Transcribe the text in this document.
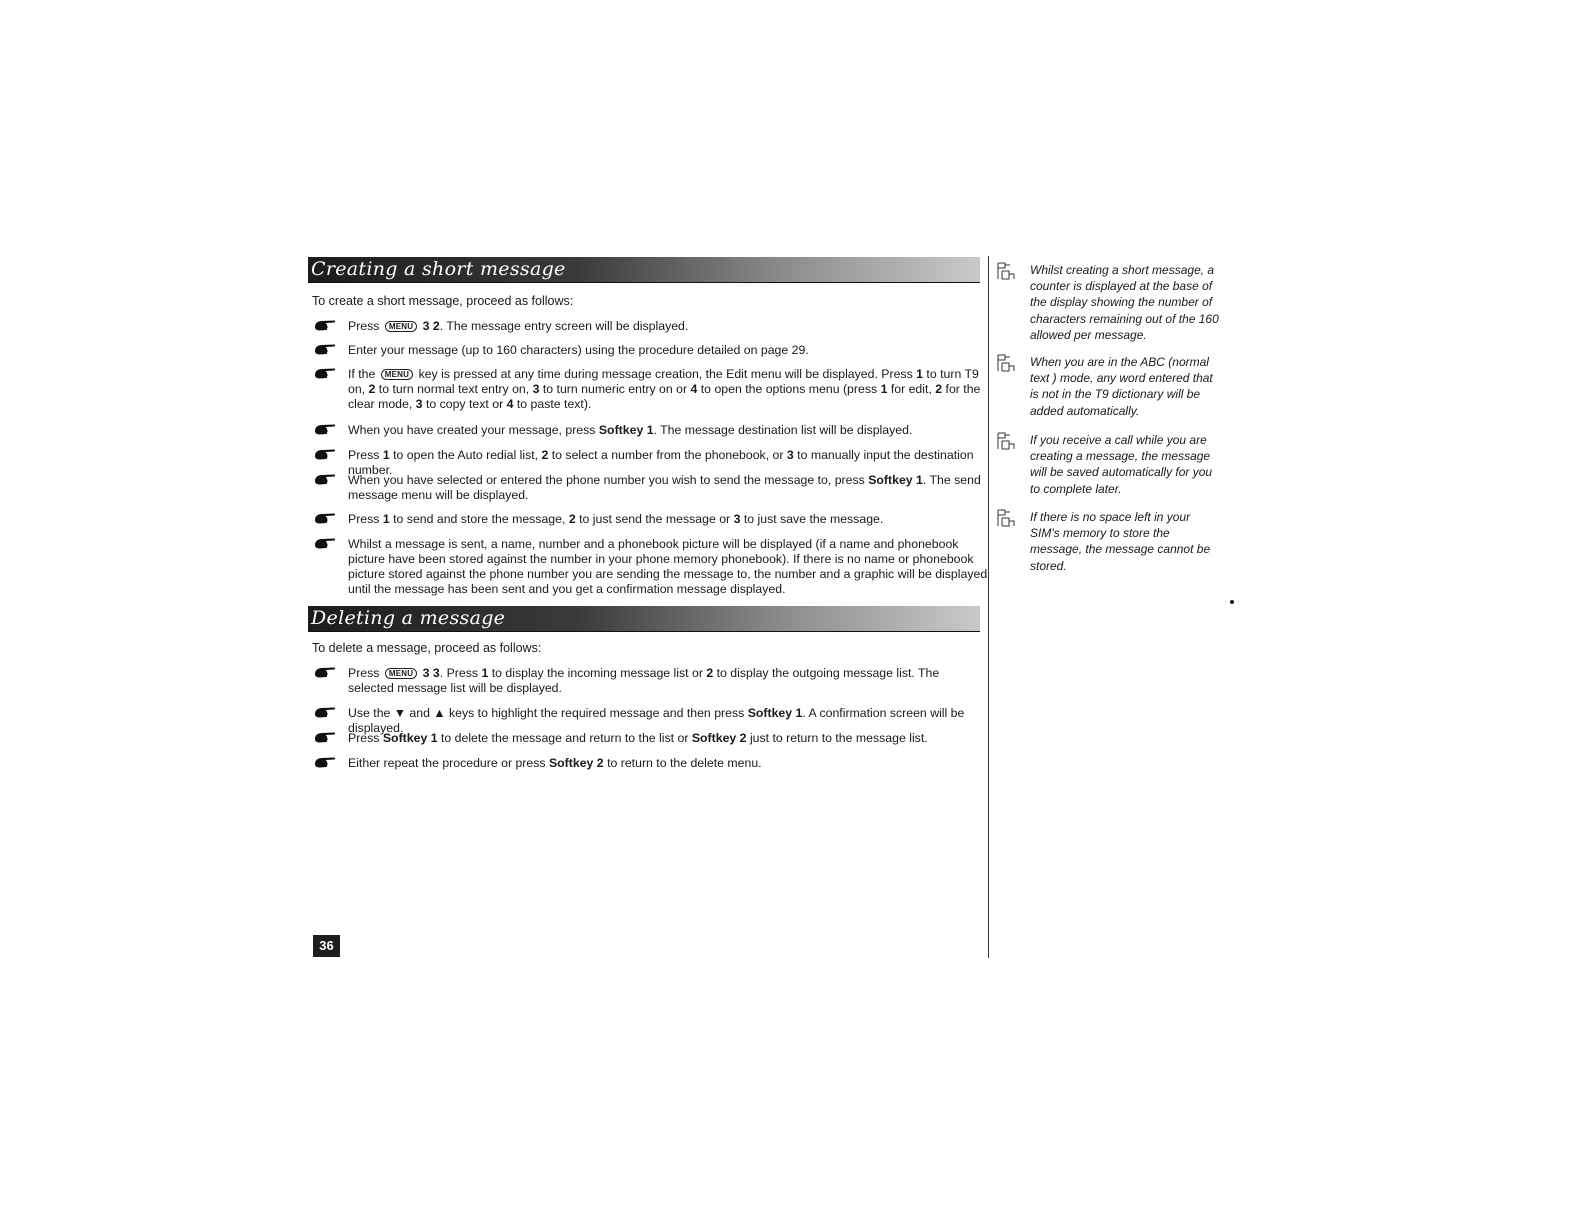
Creating a short message
To create a short message, proceed as follows:
Press MENU 3 2. The message entry screen will be displayed.
Enter your message (up to 160 characters) using the procedure detailed on page 29.
If the MENU key is pressed at any time during message creation, the Edit menu will be displayed. Press 1 to turn T9 on, 2 to turn normal text entry on, 3 to turn numeric entry on or 4 to open the options menu (press 1 for edit, 2 for the clear mode, 3 to copy text or 4 to paste text).
When you have created your message, press Softkey 1. The message destination list will be displayed.
Press 1 to open the Auto redial list, 2 to select a number from the phonebook, or 3 to manually input the destination number.
When you have selected or entered the phone number you wish to send the message to, press Softkey 1. The send message menu will be displayed.
Press 1 to send and store the message, 2 to just send the message or 3 to just save the message.
Whilst a message is sent, a name, number and a phonebook picture will be displayed (if a name and phonebook picture have been stored against the number in your phone memory phonebook). If there is no name or phonebook picture stored against the phone number you are sending the message to, the number and a graphic will be displayed until the message has been sent and you get a confirmation message displayed.
Deleting a message
To delete a message, proceed as follows:
Press MENU 3 3. Press 1 to display the incoming message list or 2 to display the outgoing message list. The selected message list will be displayed.
Use the ▼ and ▲ keys to highlight the required message and then press Softkey 1. A confirmation screen will be displayed.
Press Softkey 1 to delete the message and return to the list or Softkey 2 just to return to the message list.
Either repeat the procedure or press Softkey 2 to return to the delete menu.
Whilst creating a short message, a counter is displayed at the base of the display showing the number of characters remaining out of the 160 allowed per message.
When you are in the ABC (normal text ) mode, any word entered that is not in the T9 dictionary will be added automatically.
If you receive a call while you are creating a message, the message will be saved automatically for you to complete later.
If there is no space left in your SIM's memory to store the message, the message cannot be stored.
36
